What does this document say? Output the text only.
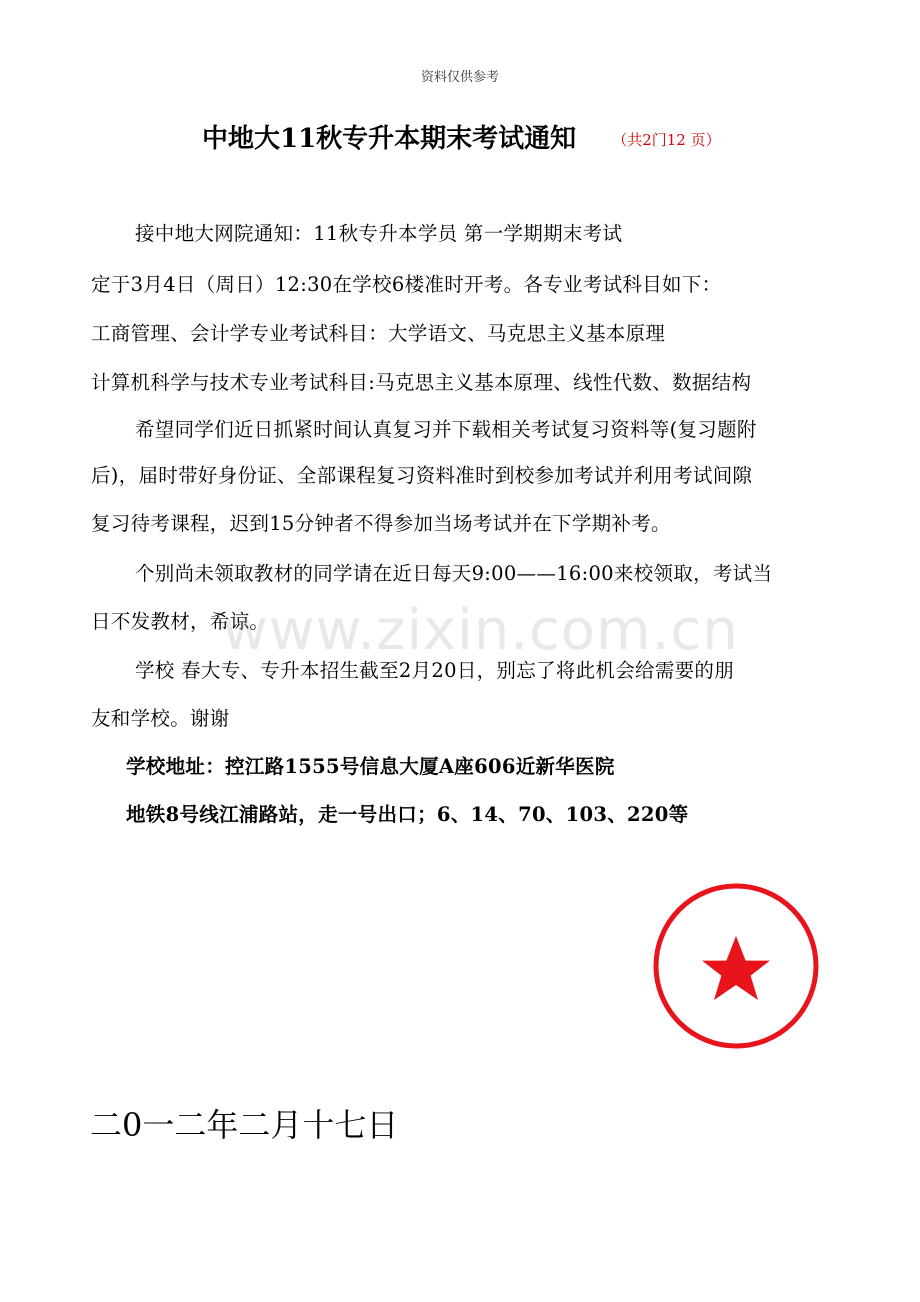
资料仅供参考
中地大11秋专升本期末考试通知 （共2门12 页）
接中地大网院通知：11秋专升本学员 第一学期期末考试
定于3月4日（周日）12:30在学校6楼准时开考。各专业考试科目如下：
工商管理、会计学专业考试科目：大学语文、马克思主义基本原理
计算机科学与技术专业考试科目:马克思主义基本原理、线性代数、数据结构
希望同学们近日抓紧时间认真复习并下载相关考试复习资料等(复习题附
后)，届时带好身份证、全部课程复习资料准时到校参加考试并利用考试间隙
复习待考课程，迟到15分钟者不得参加当场考试并在下学期补考。
个别尚未领取教材的同学请在近日每天9:00——16:00来校领取，考试当
日不发教材，希谅。
学校 春大专、专升本招生截至2月20日，别忘了将此机会给需要的朋
友和学校。谢谢
学校地址：控江路1555号信息大厦A座606近新华医院
地铁8号线江浦路站，走一号出口；6、14、70、103、220等
www.zixin.com.cn
二0一二年二月十七日
